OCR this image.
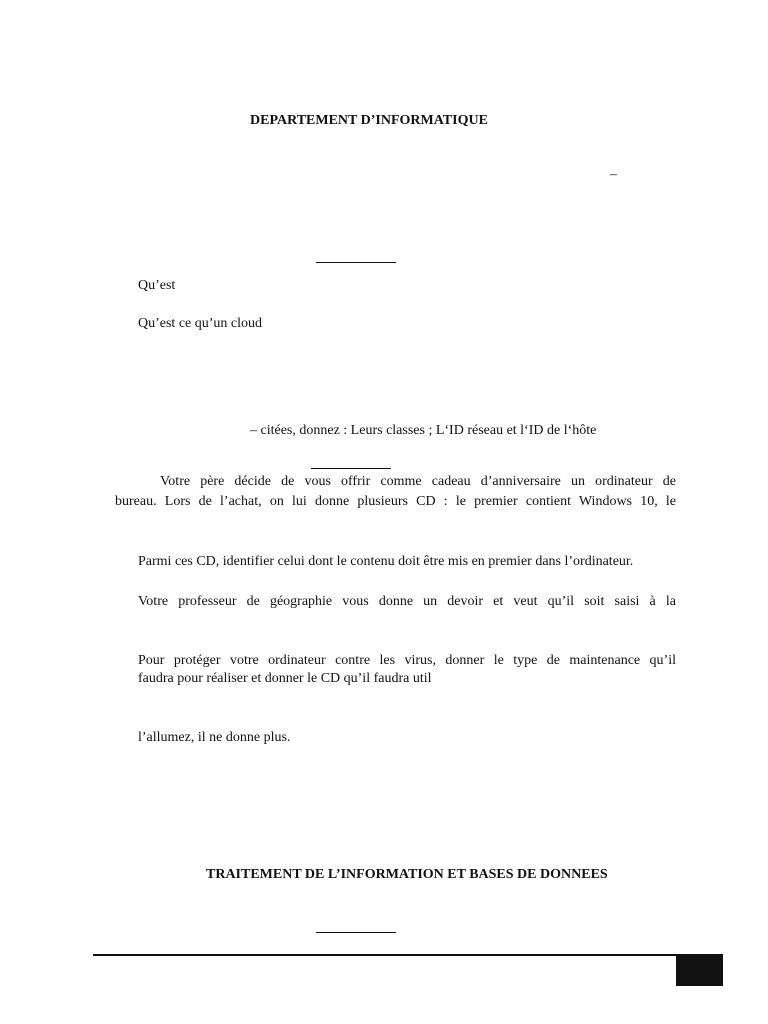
DEPARTEMENT D’INFORMATIQUE
–
Qu’est
Qu’est ce qu’un cloud
– citées, donnez : Leurs classes ; L‘ID réseau et l‘ID de l‘hôte
Votre père décide de vous offrir comme cadeau d’anniversaire un ordinateur de
bureau. Lors de l’achat, on lui donne plusieurs CD : le premier contient Windows 10, le
Parmi ces CD, identifier celui dont le contenu doit être mis en premier dans l’ordinateur.
Votre professeur de géographie vous donne un devoir et veut qu’il soit saisi à la
Pour protéger votre ordinateur contre les virus, donner le type de maintenance qu’il
faudra pour réaliser et donner le CD qu’il faudra util
l’allumez, il ne donne plus.
TRAITEMENT DE L’INFORMATION ET BASES DE DONNEES
